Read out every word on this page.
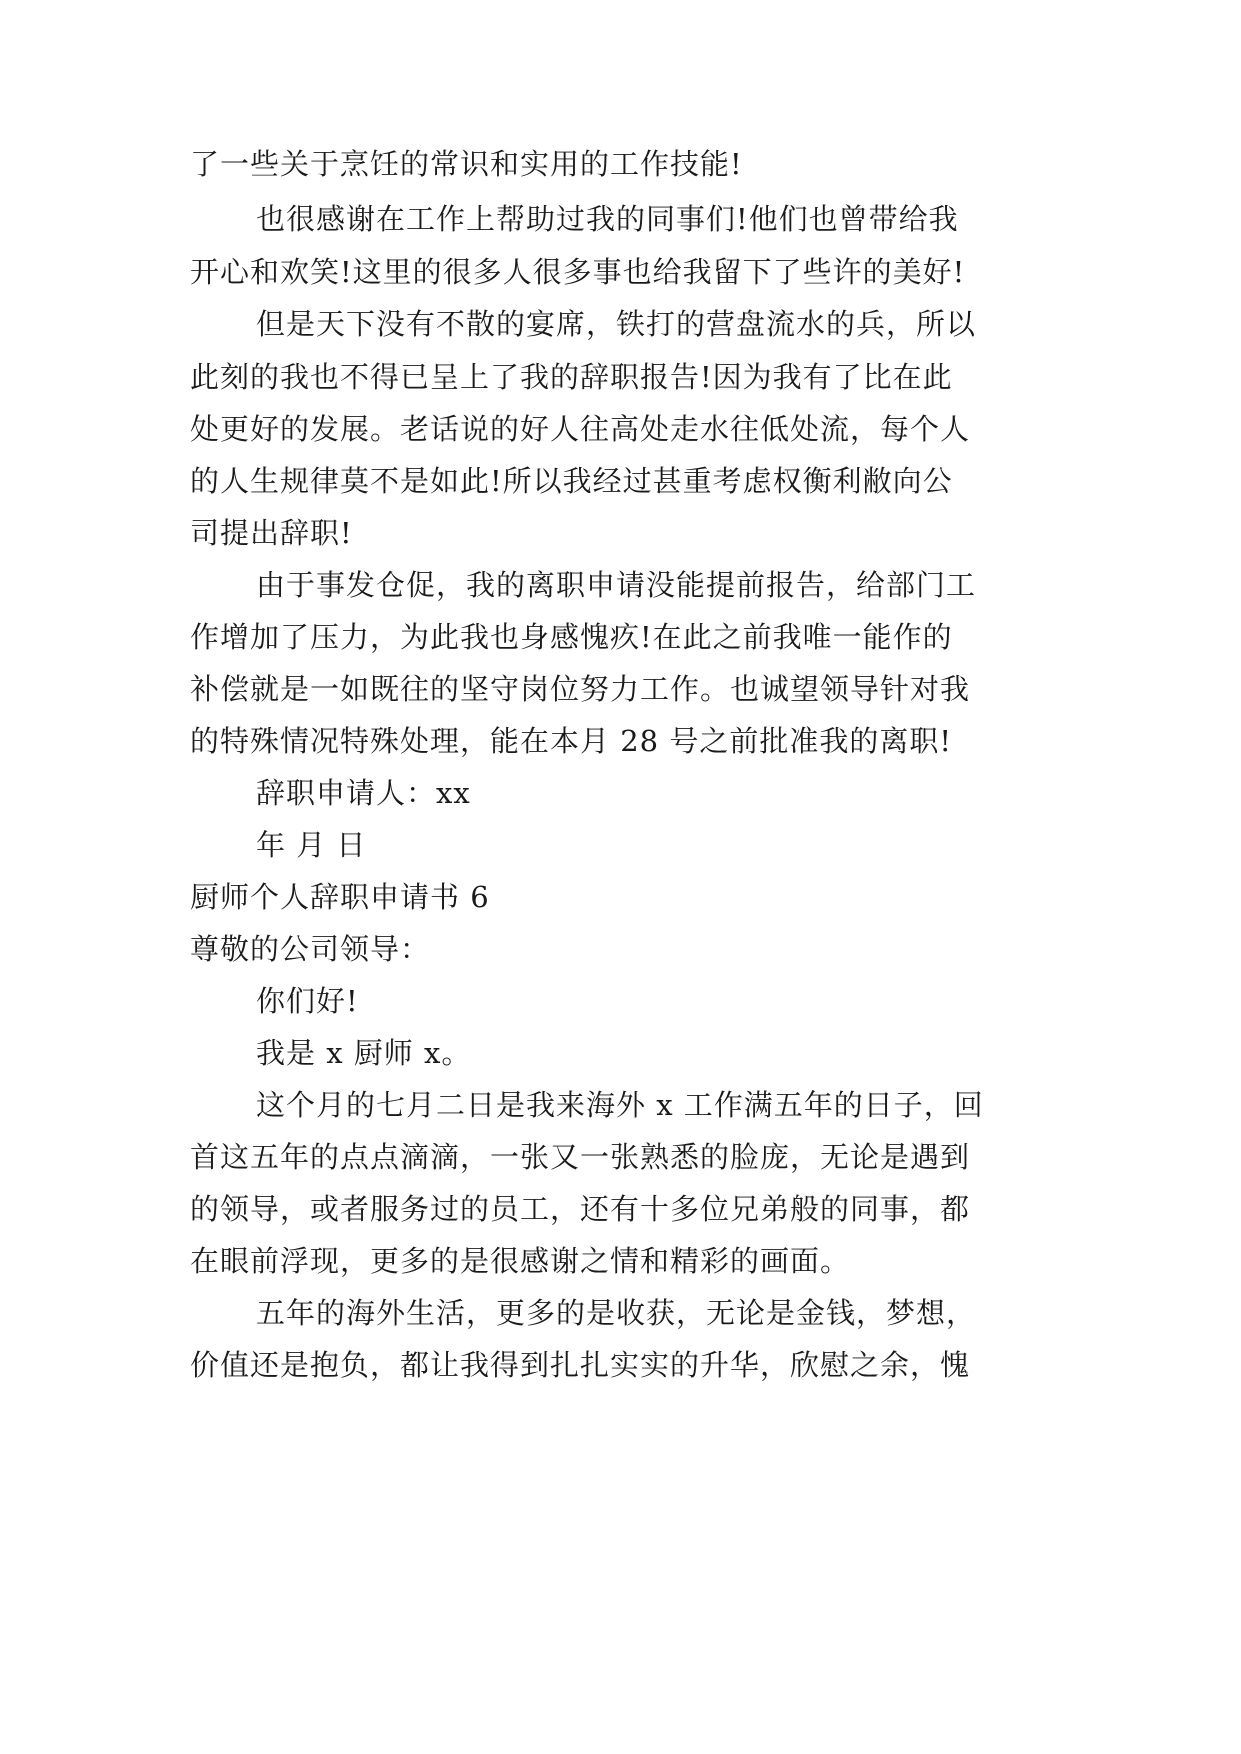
了一些关于烹饪的常识和实用的工作技能!
也很感谢在工作上帮助过我的同事们!他们也曾带给我
开心和欢笑!这里的很多人很多事也给我留下了些许的美好!
但是天下没有不散的宴席，铁打的营盘流水的兵，所以
此刻的我也不得已呈上了我的辞职报告!因为我有了比在此
处更好的发展。老话说的好人往高处走水往低处流，每个人
的人生规律莫不是如此!所以我经过甚重考虑权衡利敝向公
司提出辞职!
由于事发仓促，我的离职申请没能提前报告，给部门工
作增加了压力，为此我也身感愧疚!在此之前我唯一能作的
补偿就是一如既往的坚守岗位努力工作。也诚望领导针对我
的特殊情况特殊处理，能在本月 28 号之前批准我的离职!
辞职申请人：xx
年 月 日
厨师个人辞职申请书 6
尊敬的公司领导：
你们好!
我是 x 厨师 x。
这个月的七月二日是我来海外 x 工作满五年的日子，回
首这五年的点点滴滴，一张又一张熟悉的脸庞，无论是遇到
的领导，或者服务过的员工，还有十多位兄弟般的同事，都
在眼前浮现，更多的是很感谢之情和精彩的画面。
五年的海外生活，更多的是收获，无论是金钱，梦想，
价值还是抱负，都让我得到扎扎实实的升华，欣慰之余，愧
